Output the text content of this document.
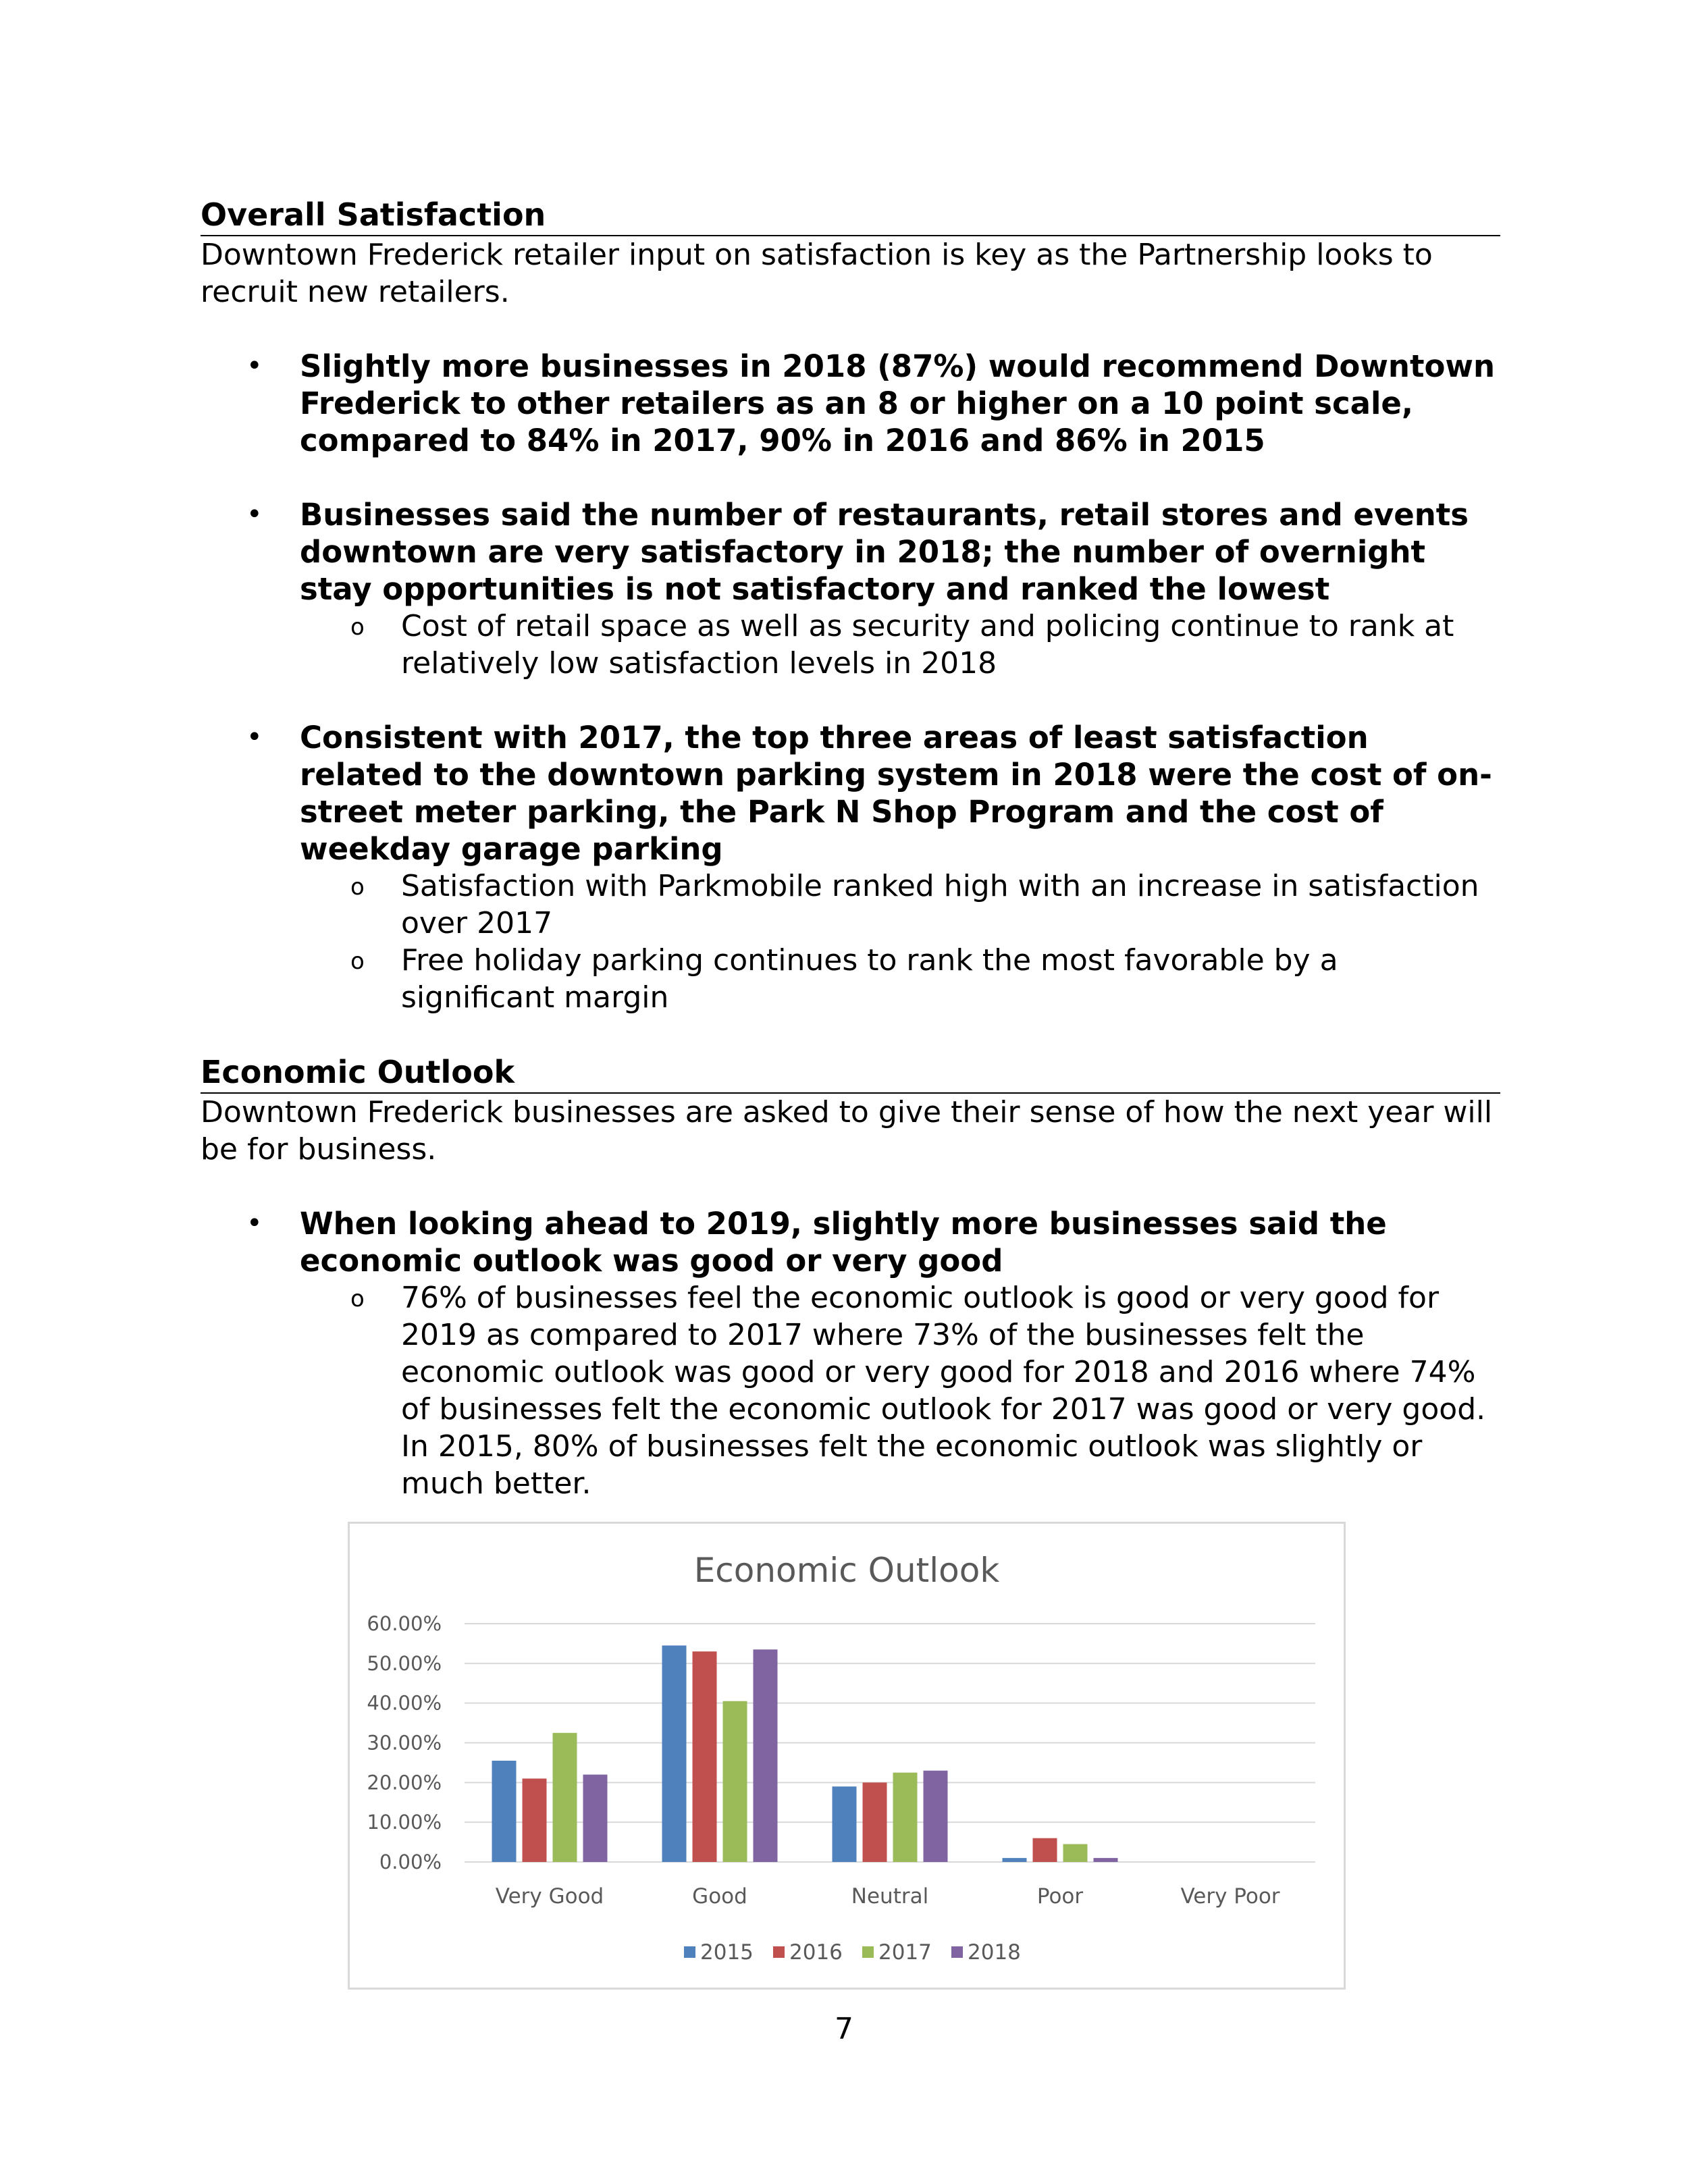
Overall Satisfaction

Downtown Frederick retailer input on satisfaction is key as the Partnership looks to recruit new retailers.

• Slightly more businesses in 2018 (87%) would recommend Downtown Frederick to other retailers as an 8 or higher on a 10 point scale, compared to 84% in 2017, 90% in 2016 and 86% in 2015
• Businesses said the number of restaurants, retail stores and events downtown are very satisfactory in 2018; the number of overnight stay opportunities is not satisfactory and ranked the lowest
o Cost of retail space as well as security and policing continue to rank at relatively low satisfaction levels in 2018
• Consistent with 2017, the top three areas of least satisfaction related to the downtown parking system in 2018 were the cost of on-street meter parking, the Park N Shop Program and the cost of weekday garage parking
o Satisfaction with Parkmobile ranked high with an increase in satisfaction over 2017
o Free holiday parking continues to rank the most favorable by a significant margin
Economic Outlook

Downtown Frederick businesses are asked to give their sense of how the next year will be for business.

• When looking ahead to 2019, slightly more businesses said the economic outlook was good or very good
o 76% of businesses feel the economic outlook is good or very good for 2019 as compared to 2017 where 73% of the businesses felt the economic outlook was good or very good for 2018 and 2016 where 74% of businesses felt the economic outlook for 2017 was good or very good. In 2015, 80% of businesses felt the economic outlook was slightly or much better.
Economic Outlook
0.00%
10.00%
20.00%
30.00%
40.00%
50.00%
60.00%
Very Good	Good	Neutral	Poor	Very Poor
2015 2016 2017 2018
7
